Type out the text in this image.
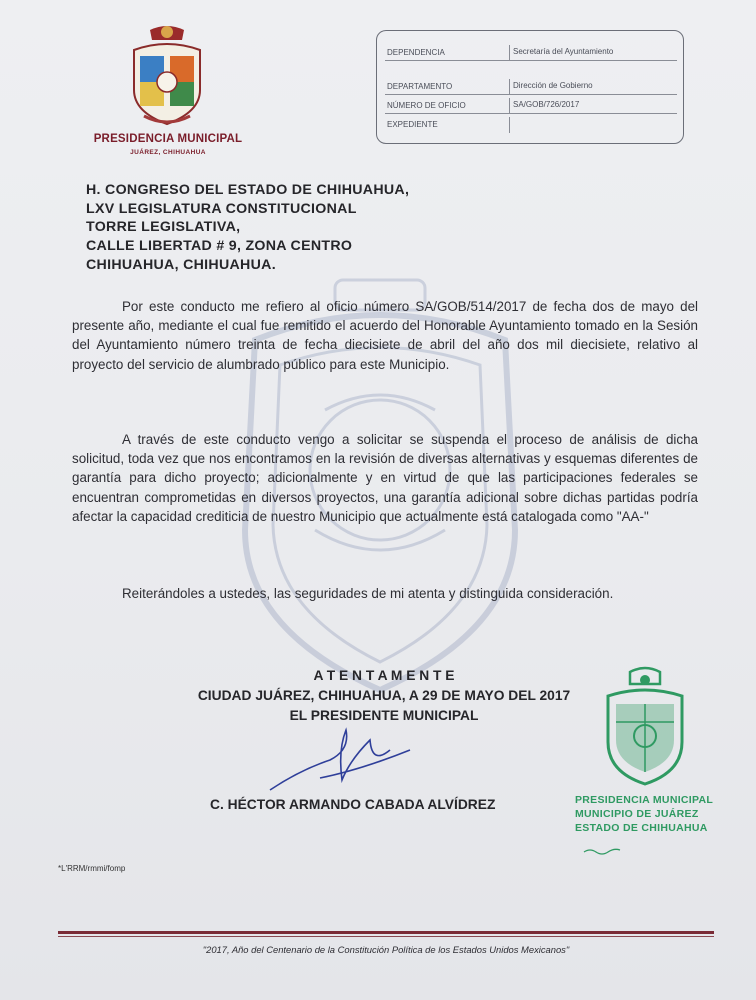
PRESIDENCIA MUNICIPAL
JUÁREZ, CHIHUAHUA
DEPENDENCIA	Secretaría del Ayuntamiento
DEPARTAMENTO	Dirección de Gobierno
NÚMERO DE OFICIO	SA/GOB/726/2017
EXPEDIENTE
H. CONGRESO DEL ESTADO DE CHIHUAHUA,
LXV LEGISLATURA CONSTITUCIONAL
TORRE LEGISLATIVA,
CALLE LIBERTAD # 9, ZONA CENTRO
CHIHUAHUA, CHIHUAHUA.
Por este conducto me refiero al oficio número SA/GOB/514/2017 de fecha dos de mayo del presente año, mediante el cual fue remitido el acuerdo del Honorable Ayuntamiento tomado en la Sesión del Ayuntamiento número treinta de fecha diecisiete de abril del año dos mil diecisiete, relativo al proyecto del servicio de alumbrado público para este Municipio.
A través de este conducto vengo a solicitar se suspenda el proceso de análisis de dicha solicitud, toda vez que nos encontramos en la revisión de diversas alternativas y esquemas diferentes de garantía para dicho proyecto; adicionalmente y en virtud de que las participaciones federales se encuentran comprometidas en diversos proyectos, una garantía adicional sobre dichas partidas podría afectar la capacidad crediticia de nuestro Municipio que actualmente está catalogada como "AA-"
Reiterándoles a ustedes, las seguridades de mi atenta y distinguida consideración.
A T E N T A M E N T E
CIUDAD JUÁREZ, CHIHUAHUA, A 29 DE MAYO DEL 2017
EL PRESIDENTE MUNICIPAL
C. HÉCTOR ARMANDO CABADA ALVÍDREZ	PRESIDENCIA MUNICIPAL
MUNICIPIO DE JUÁREZ
ESTADO DE CHIHUAHUA
*L'RRM/rmmi/fomp
"2017, Año del Centenario de la Constitución Política de los Estados Unidos Mexicanos"
